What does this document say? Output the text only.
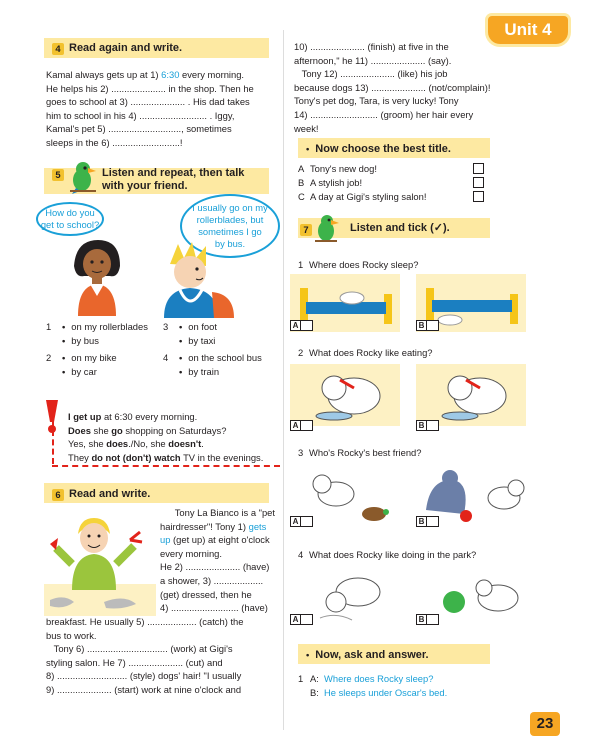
4 Read again and write.
Kamal always gets up at 1) 6:30 every morning.
He helps his 2) ..................... in the shop. Then he
goes to school at 3) ..................... . His dad takes
him to school in his 4) .......................... . Iggy,
Kamal's pet 5) ............................, sometimes
sleeps in the 6) ..........................!
5	Listen and repeat, then talk
with your friend.
How do you get to school?
I usually go on my rollerblades, but sometimes I go by bus.
1 • on my rollerblades
• by bus
3 • on foot
• by taxi
2 • on my bike
• by car
4 • on the school bus
• by train
I get up at 6:30 every morning.
Does she go shopping on Saturdays?
Yes, she does./No, she doesn't.
They do not (don't) watch TV in the evenings.
6 Read and write.
Tony La Bianco is a "pet
hairdresser"! Tony 1) gets
up (get up) at eight o'clock
every morning.
He 2) ..................... (have)
a shower, 3) ...................
(get) dressed, then he
4) .......................... (have)
breakfast. He usually 5) ................... (catch) the
bus to work.
Tony 6) ............................... (work) at Gigi's
styling salon. He 7) ..................... (cut) and
8) ........................... (style) dogs' hair! "I usually
9) ..................... (start) work at nine o'clock and
Unit 4
10) ..................... (finish) at five in the
afternoon," he 11) ..................... (say).
Tony 12) ..................... (like) his job
because dogs 13) ..................... (not/complain)!
Tony's pet dog, Tara, is very lucky! Tony
14) .......................... (groom) her hair every
week!
• Now choose the best title.
A Tony's new dog!
B A stylish job!
C A day at Gigi's styling salon!
7	Listen and tick (✓).
1 Where does Rocky sleep?
A	B
2 What does Rocky like eating?
A	B
3 Who's Rocky's best friend?
A	B
4 What does Rocky like doing in the park?
A	B
• Now, ask and answer.
1 A: Where does Rocky sleep?
B: He sleeps under Oscar's bed.
23
